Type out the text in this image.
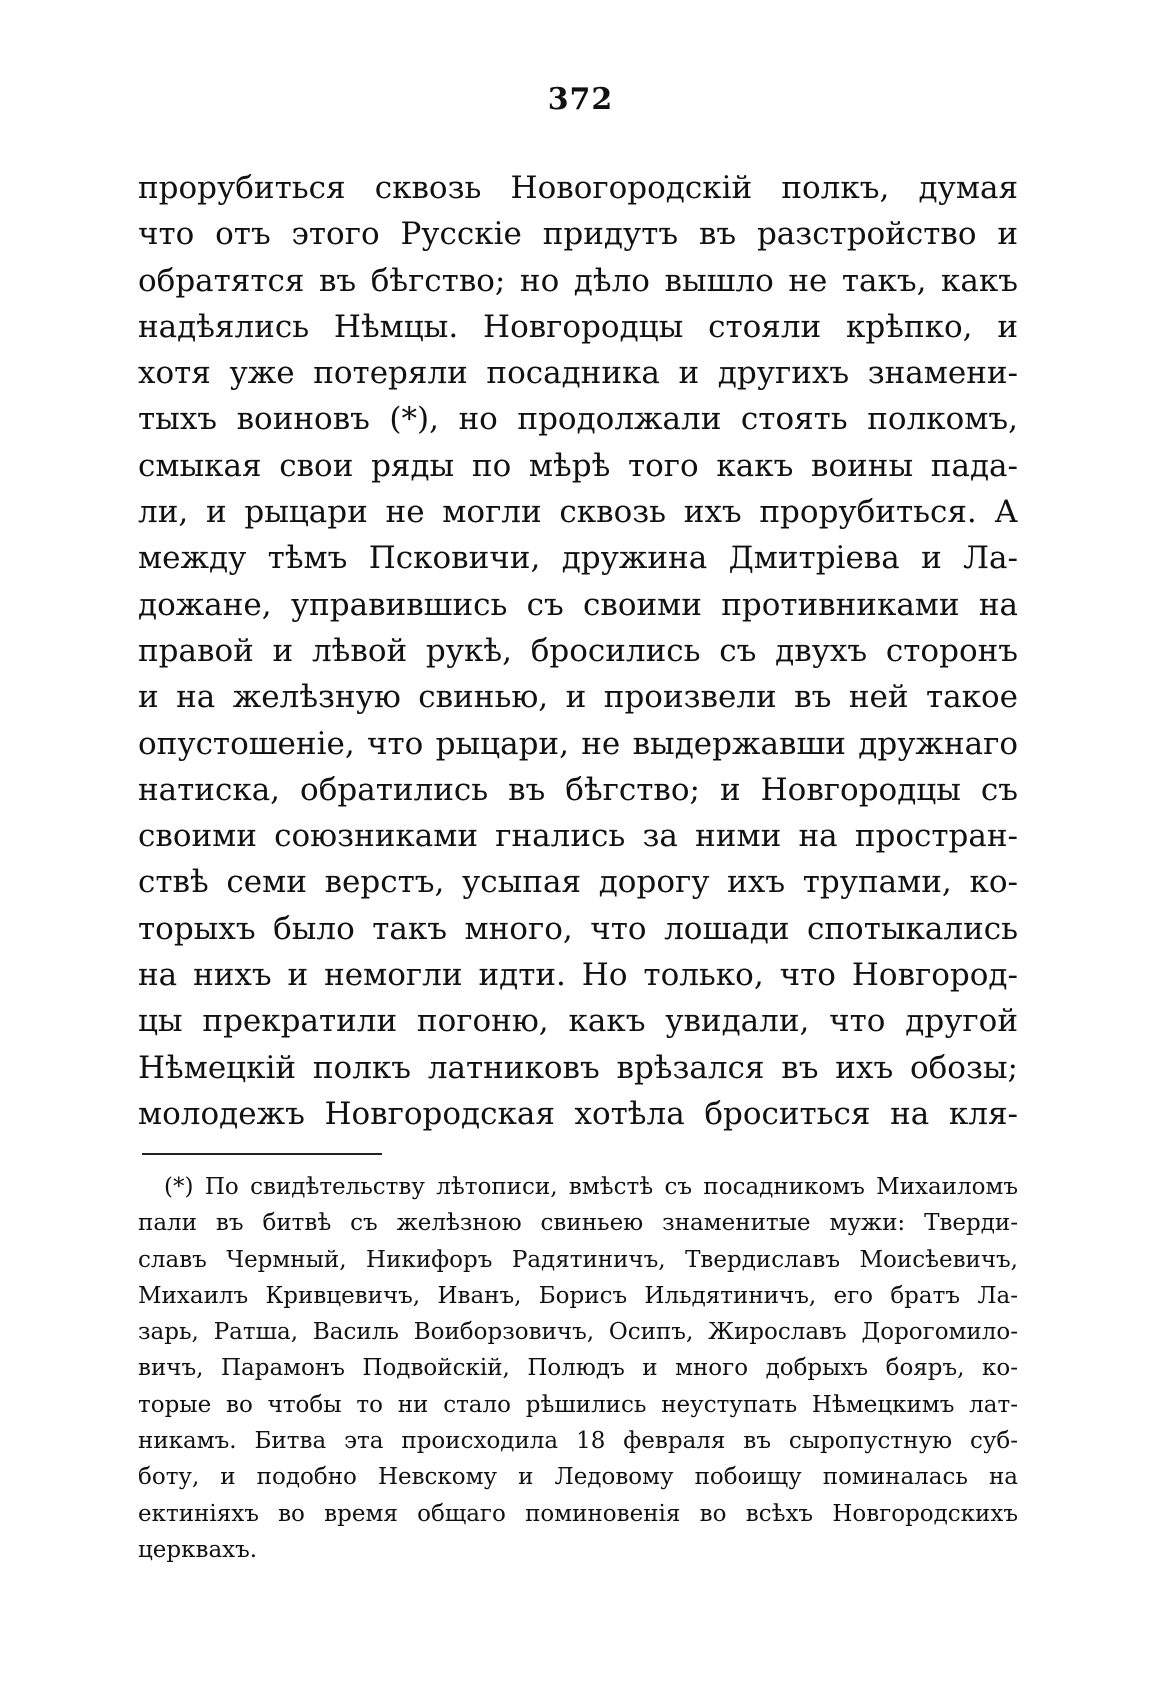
372
прорубиться сквозь Новогородскій полкъ, думая
что отъ этого Русскіе придутъ въ разстройство и
обратятся въ бѣгство; но дѣло вышло не такъ, какъ
надѣялись Нѣмцы. Новгородцы стояли крѣпко, и
хотя уже потеряли посадника и другихъ знамени-
тыхъ воиновъ (*), но продолжали стоять полкомъ,
смыкая свои ряды по мѣрѣ того какъ воины пада-
ли, и рыцари не могли сквозь ихъ прорубиться. А
между тѣмъ Псковичи, дружина Дмитріева и Ла-
дожане, управившись съ своими противниками на
правой и лѣвой рукѣ, бросились съ двухъ сторонъ
и на желѣзную свинью, и произвели въ ней такое
опустошеніе, что рыцари, не выдержавши дружнаго
натиска, обратились въ бѣгство; и Новгородцы съ
своими союзниками гнались за ними на простран-
ствѣ семи верстъ, усыпая дорогу ихъ трупами, ко-
торыхъ было такъ много, что лошади спотыкались
на нихъ и немогли идти. Но только, что Новгород-
цы прекратили погоню, какъ увидали, что другой
Нѣмецкій полкъ латниковъ врѣзался въ ихъ обозы;
молодежъ Новгородская хотѣла броситься на кля-
(*) По свидѣтельству лѣтописи, вмѣстѣ съ посадникомъ Михаиломъ
пали въ битвѣ съ желѣзною свиньею знаменитые мужи: Тверди-
славъ Чермный, Никифоръ Радятиничъ, Твердиславъ Моисѣевичъ,
Михаилъ Кривцевичъ, Иванъ, Борисъ Ильдятиничъ, его братъ Ла-
зарь, Ратша, Василь Воиборзовичъ, Осипъ, Жирославъ Дорогомило-
вичъ, Парамонъ Подвойскій, Полюдъ и много добрыхъ бояръ, ко-
торые во чтобы то ни стало рѣшились неуступать Нѣмецкимъ лат-
никамъ. Битва эта происходила 18 февраля въ сыропустную суб-
боту, и подобно Невскому и Ледовому побоищу поминалась на
ектиніяхъ во время общаго поминовенія во всѣхъ Новгородскихъ
церквахъ.
